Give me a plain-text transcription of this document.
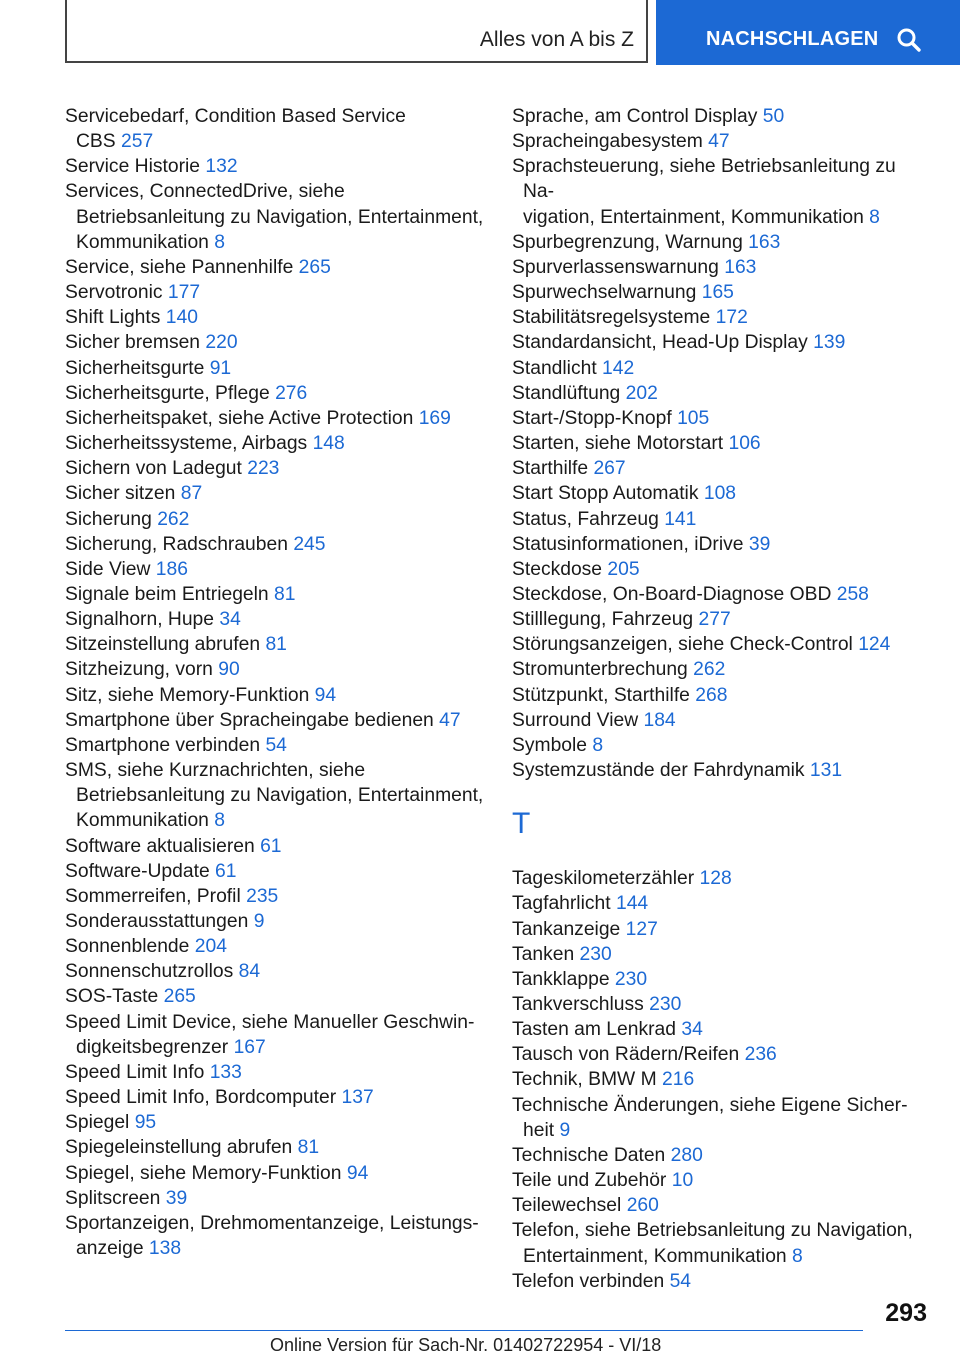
Alles von A bis Z	NACHSCHLAGEN
Servicebedarf, Condition Based Service
CBS 257
Service Historie 132
Services, ConnectedDrive, siehe
Betriebsanleitung zu Navigation, Entertainment,
Kommunikation 8
Service, siehe Pannenhilfe 265
Servotronic 177
Shift Lights 140
Sicher bremsen 220
Sicherheitsgurte 91
Sicherheitsgurte, Pflege 276
Sicherheitspaket, siehe Active Protection 169
Sicherheitssysteme, Airbags 148
Sichern von Ladegut 223
Sicher sitzen 87
Sicherung 262
Sicherung, Radschrauben 245
Side View 186
Signale beim Entriegeln 81
Signalhorn, Hupe 34
Sitzeinstellung abrufen 81
Sitzheizung, vorn 90
Sitz, siehe Memory-Funktion 94
Smartphone über Spracheingabe bedienen 47
Smartphone verbinden 54
SMS, siehe Kurznachrichten, siehe
Betriebsanleitung zu Navigation, Entertainment,
Kommunikation 8
Software aktualisieren 61
Software-Update 61
Sommerreifen, Profil 235
Sonderausstattungen 9
Sonnenblende 204
Sonnenschutzrollos 84
SOS-Taste 265
Speed Limit Device, siehe Manueller Geschwin-
digkeitsbegrenzer 167
Speed Limit Info 133
Speed Limit Info, Bordcomputer 137
Spiegel 95
Spiegeleinstellung abrufen 81
Spiegel, siehe Memory-Funktion 94
Splitscreen 39
Sportanzeigen, Drehmomentanzeige, Leistungs-
anzeige 138
Sprache, am Control Display 50
Spracheingabesystem 47
Sprachsteuerung, siehe Betriebsanleitung zu Na-
vigation, Entertainment, Kommunikation 8
Spurbegrenzung, Warnung 163
Spurverlassenswarnung 163
Spurwechselwarnung 165
Stabilitätsregelsysteme 172
Standardansicht, Head-Up Display 139
Standlicht 142
Standlüftung 202
Start-/Stopp-Knopf 105
Starten, siehe Motorstart 106
Starthilfe 267
Start Stopp Automatik 108
Status, Fahrzeug 141
Statusinformationen, iDrive 39
Steckdose 205
Steckdose, On-Board-Diagnose OBD 258
Stilllegung, Fahrzeug 277
Störungsanzeigen, siehe Check-Control 124
Stromunterbrechung 262
Stützpunkt, Starthilfe 268
Surround View 184
Symbole 8
Systemzustände der Fahrdynamik 131
T
Tageskilometerzähler 128
Tagfahrlicht 144
Tankanzeige 127
Tanken 230
Tankklappe 230
Tankverschluss 230
Tasten am Lenkrad 34
Tausch von Rädern/Reifen 236
Technik, BMW M 216
Technische Änderungen, siehe Eigene Sicher-
heit 9
Technische Daten 280
Teile und Zubehör 10
Teilewechsel 260
Telefon, siehe Betriebsanleitung zu Navigation,
Entertainment, Kommunikation 8
Telefon verbinden 54
293
Online Version für Sach-Nr. 01402722954 - VI/18
